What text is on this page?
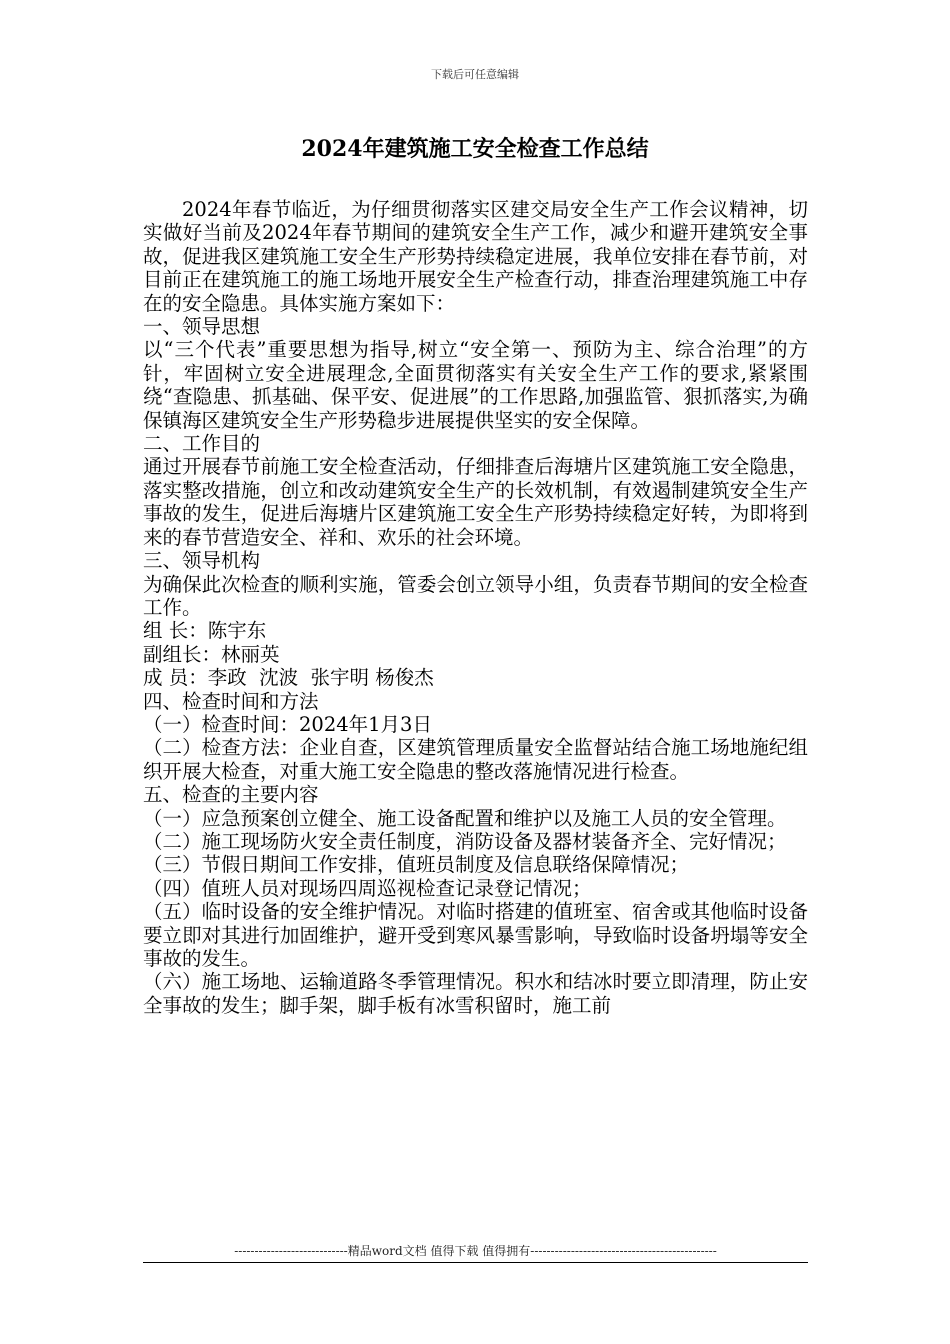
下载后可任意编辑
2024年建筑施工安全检查工作总结

2024年春节临近，为仔细贯彻落实区建交局安全生产工作会议精神，切实做好当前及2024年春节期间的建筑安全生产工作，减少和避开建筑安全事故，促进我区建筑施工安全生产形势持续稳定进展，我单位安排在春节前，对目前正在建筑施工的施工场地开展安全生产检查行动，排查治理建筑施工中存在的安全隐患。具体实施方案如下：

一、领导思想

以“三个代表”重要思想为指导,树立“安全第一、预防为主、综合治理”的方针，牢固树立安全进展理念,全面贯彻落实有关安全生产工作的要求,紧紧围绕“查隐患、抓基础、保平安、促进展”的工作思路,加强监管、狠抓落实,为确保镇海区建筑安全生产形势稳步进展提供坚实的安全保障。

二、工作目的

通过开展春节前施工安全检查活动，仔细排查后海塘片区建筑施工安全隐患，落实整改措施，创立和改动建筑安全生产的长效机制，有效遏制建筑安全生产事故的发生，促进后海塘片区建筑施工安全生产形势持续稳定好转，为即将到来的春节营造安全、祥和、欢乐的社会环境。

三、领导机构

为确保此次检查的顺利实施，管委会创立领导小组，负责春节期间的安全检查工作。

组 长：陈宇东

副组长：林丽英

成 员：李政  沈波  张宇明 杨俊杰

四、检查时间和方法

（一）检查时间：2024年1月3日

（二）检查方法：企业自查，区建筑管理质量安全监督站结合施工场地施纪组织开展大检查，对重大施工安全隐患的整改落施情况进行检查。

五、检查的主要内容

（一）应急预案创立健全、施工设备配置和维护以及施工人员的安全管理。

（二）施工现场防火安全责任制度，消防设备及器材装备齐全、完好情况；

（三）节假日期间工作安排，值班员制度及信息联络保障情况；

（四）值班人员对现场四周巡视检查记录登记情况；

（五）临时设备的安全维护情况。对临时搭建的值班室、宿舍或其他临时设备要立即对其进行加固维护，避开受到寒风暴雪影响，导致临时设备坍塌等安全事故的发生。

（六）施工场地、运输道路冬季管理情况。积水和结冰时要立即清理，防止安全事故的发生；脚手架，脚手板有冰雪积留时，施工前

----------------------------精品word文档 值得下载 值得拥有----------------------------------------------
